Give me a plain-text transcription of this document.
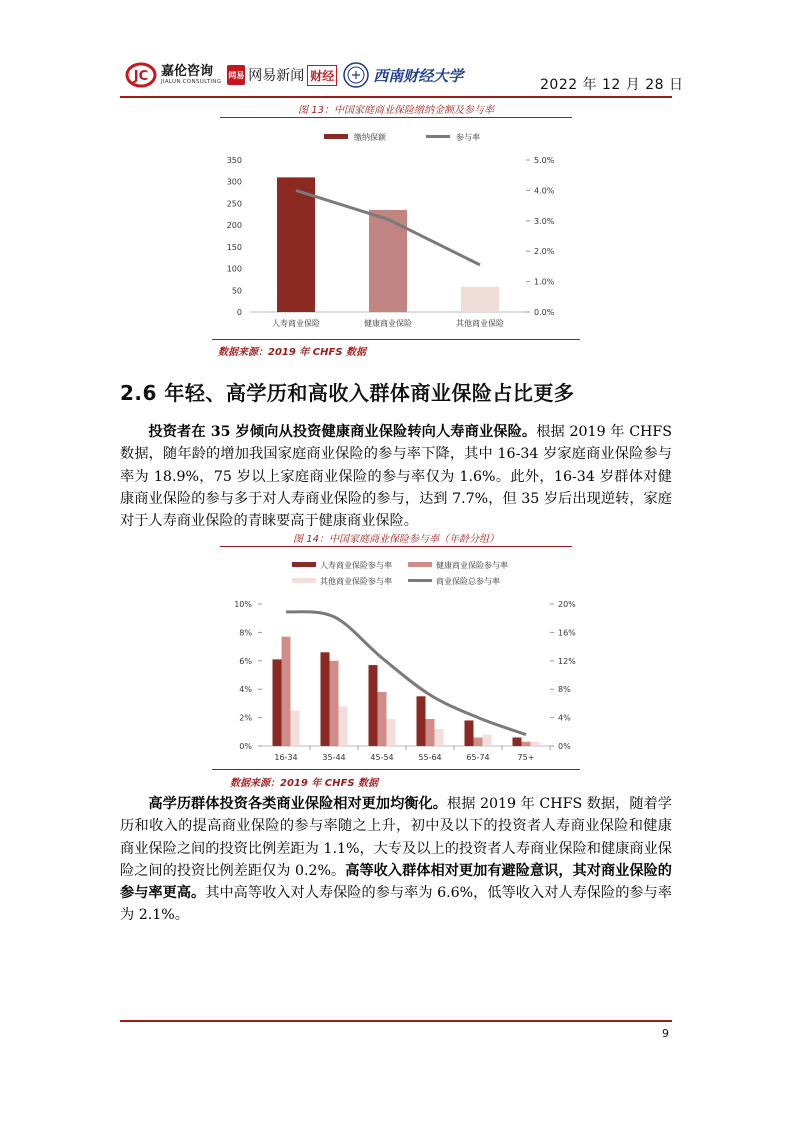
JC 嘉伦咨询
JIALUN CONSULTING
网易 网易新闻 财经	西南财经大学
2022 年 12 月 28 日
图 13：中国家庭商业保险缴纳金额及参与率
缴纳保额	参与率
0
50
100
150
200
250
300
350
0.0%
1.0%
2.0%
3.0%
4.0%
5.0%
人寿商业保险	健康商业保险	其他商业保险
数据来源：2019 年 CHFS 数据
2.6 年轻、高学历和高收入群体商业保险占比更多
投资者在 35 岁倾向从投资健康商业保险转向人寿商业保险。根据 2019 年 CHFS 数据，随年龄的增加我国家庭商业保险的参与率下降，其中 16-34 岁家庭商业保险参与率为 18.9%，75 岁以上家庭商业保险的参与率仅为 1.6%。此外，16-34 岁群体对健康商业保险的参与多于对人寿商业保险的参与，达到 7.7%，但 35 岁后出现逆转，家庭对于人寿商业保险的青睐要高于健康商业保险。
图 14：中国家庭商业保险参与率（年龄分组）
人寿商业保险参与率	健康商业保险参与率
其他商业保险参与率	商业保险总参与率
0%
2%
4%
6%
8%
10%
0%
4%
8%
12%
16%
20%
16-34	35-44	45-54	55-64	65-74	75+
数据来源：2019 年 CHFS 数据
高学历群体投资各类商业保险相对更加均衡化。根据 2019 年 CHFS 数据，随着学历和收入的提高商业保险的参与率随之上升，初中及以下的投资者人寿商业保险和健康商业保险之间的投资比例差距为 1.1%，大专及以上的投资者人寿商业保险和健康商业保险之间的投资比例差距仅为 0.2%。高等收入群体相对更加有避险意识，其对商业保险的参与率更高。其中高等收入对人寿保险的参与率为 6.6%，低等收入对人寿保险的参与率为 2.1%。
9
